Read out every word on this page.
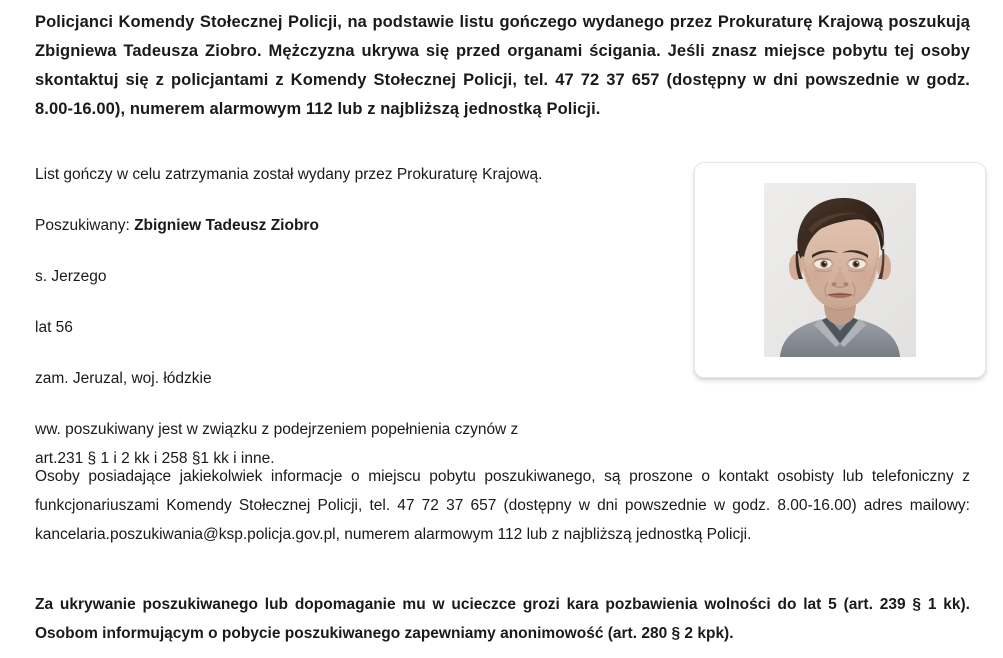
Policjanci Komendy Stołecznej Policji, na podstawie listu gończego wydanego przez Prokuraturę Krajową poszukują Zbigniewa Tadeusza Ziobro. Mężczyzna ukrywa się przed organami ścigania. Jeśli znasz miejsce pobytu tej osoby skontaktuj się z policjantami z Komendy Stołecznej Policji, tel. 47 72 37 657 (dostępny w dni powszednie w godz. 8.00-16.00), numerem alarmowym 112 lub z najbliższą jednostką Policji.

List gończy w celu zatrzymania został wydany przez Prokuraturę Krajową.

Poszukiwany: Zbigniew Tadeusz Ziobro

s. Jerzego

lat 56

zam. Jeruzal, woj. łódzkie

ww. poszukiwany jest w związku z podejrzeniem popełnienia czynów z
art.231 § 1 i 2 kk i 258 §1 kk i inne.

Osoby posiadające jakiekolwiek informacje o miejscu pobytu poszukiwanego, są proszone o kontakt osobisty lub telefoniczny z funkcjonariuszami Komendy Stołecznej Policji, tel. 47 72 37 657 (dostępny w dni powszednie w godz. 8.00-16.00) adres mailowy: kancelaria.poszukiwania@ksp.policja.gov.pl, numerem alarmowym 112 lub z najbliższą jednostką Policji.
Za ukrywanie poszukiwanego lub dopomaganie mu w ucieczce grozi kara pozbawienia wolności do lat 5 (art. 239 § 1 kk). Osobom informującym o pobycie poszukiwanego zapewniamy anonimowość (art. 280 § 2 kpk).
